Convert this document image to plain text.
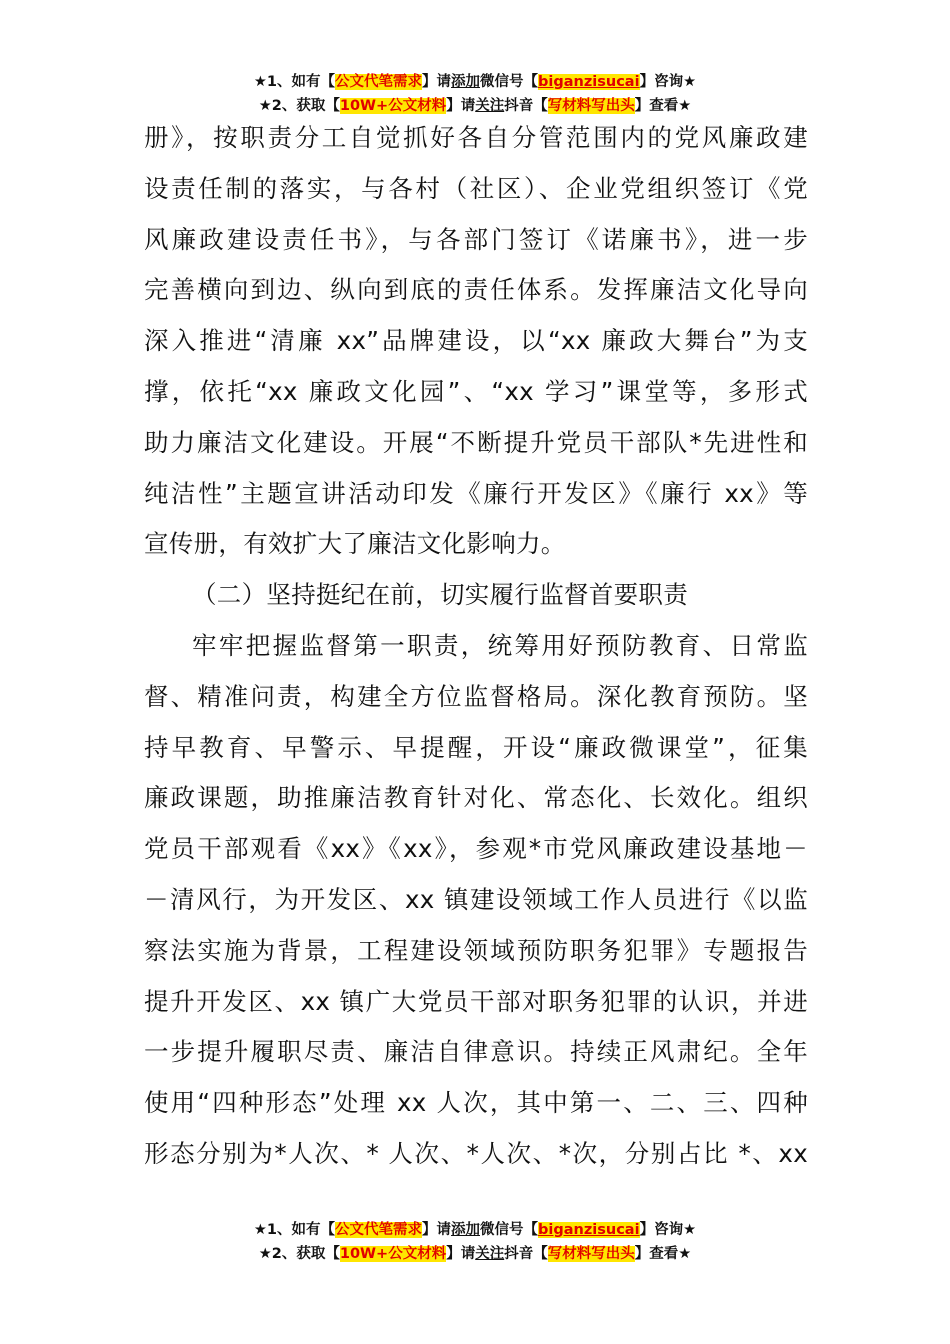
★1、如有【公文代笔需求】请添加微信号【biganzisucai】咨询★
★2、获取【10W+公文材料】请关注抖音【写材料写出头】查看★

册》，按职责分工自觉抓好各自分管范围内的党风廉政建

设责任制的落实，与各村（社区）、企业党组织签订《党

风廉政建设责任书》，与各部门签订《诺廉书》，进一步

完善横向到边、纵向到底的责任体系。发挥廉洁文化导向

深入推进“清廉 xx”品牌建设，以“xx 廉政大舞台”为支

撑，依托“xx 廉政文化园”、“xx 学习”课堂等，多形式

助力廉洁文化建设。开展“不断提升党员干部队*先进性和

纯洁性”主题宣讲活动印发《廉行开发区》《廉行 xx》等

宣传册，有效扩大了廉洁文化影响力。

（二）坚持挺纪在前，切实履行监督首要职责

牢牢把握监督第一职责，统筹用好预防教育、日常监

督、精准问责，构建全方位监督格局。深化教育预防。坚

持早教育、早警示、早提醒，开设“廉政微课堂”，征集

廉政课题，助推廉洁教育针对化、常态化、长效化。组织

党员干部观看《xx》《xx》，参观*市党风廉政建设基地－

－清风行，为开发区、xx 镇建设领域工作人员进行《以监

察法实施为背景，工程建设领域预防职务犯罪》专题报告

提升开发区、xx 镇广大党员干部对职务犯罪的认识，并进

一步提升履职尽责、廉洁自律意识。持续正风肃纪。全年

使用“四种形态”处理 xx 人次，其中第一、二、三、四种

形态分别为*人次、* 人次、*人次、*次，分别占比 *、xx

★1、如有【公文代笔需求】请添加微信号【biganzisucai】咨询★
★2、获取【10W+公文材料】请关注抖音【写材料写出头】查看★
